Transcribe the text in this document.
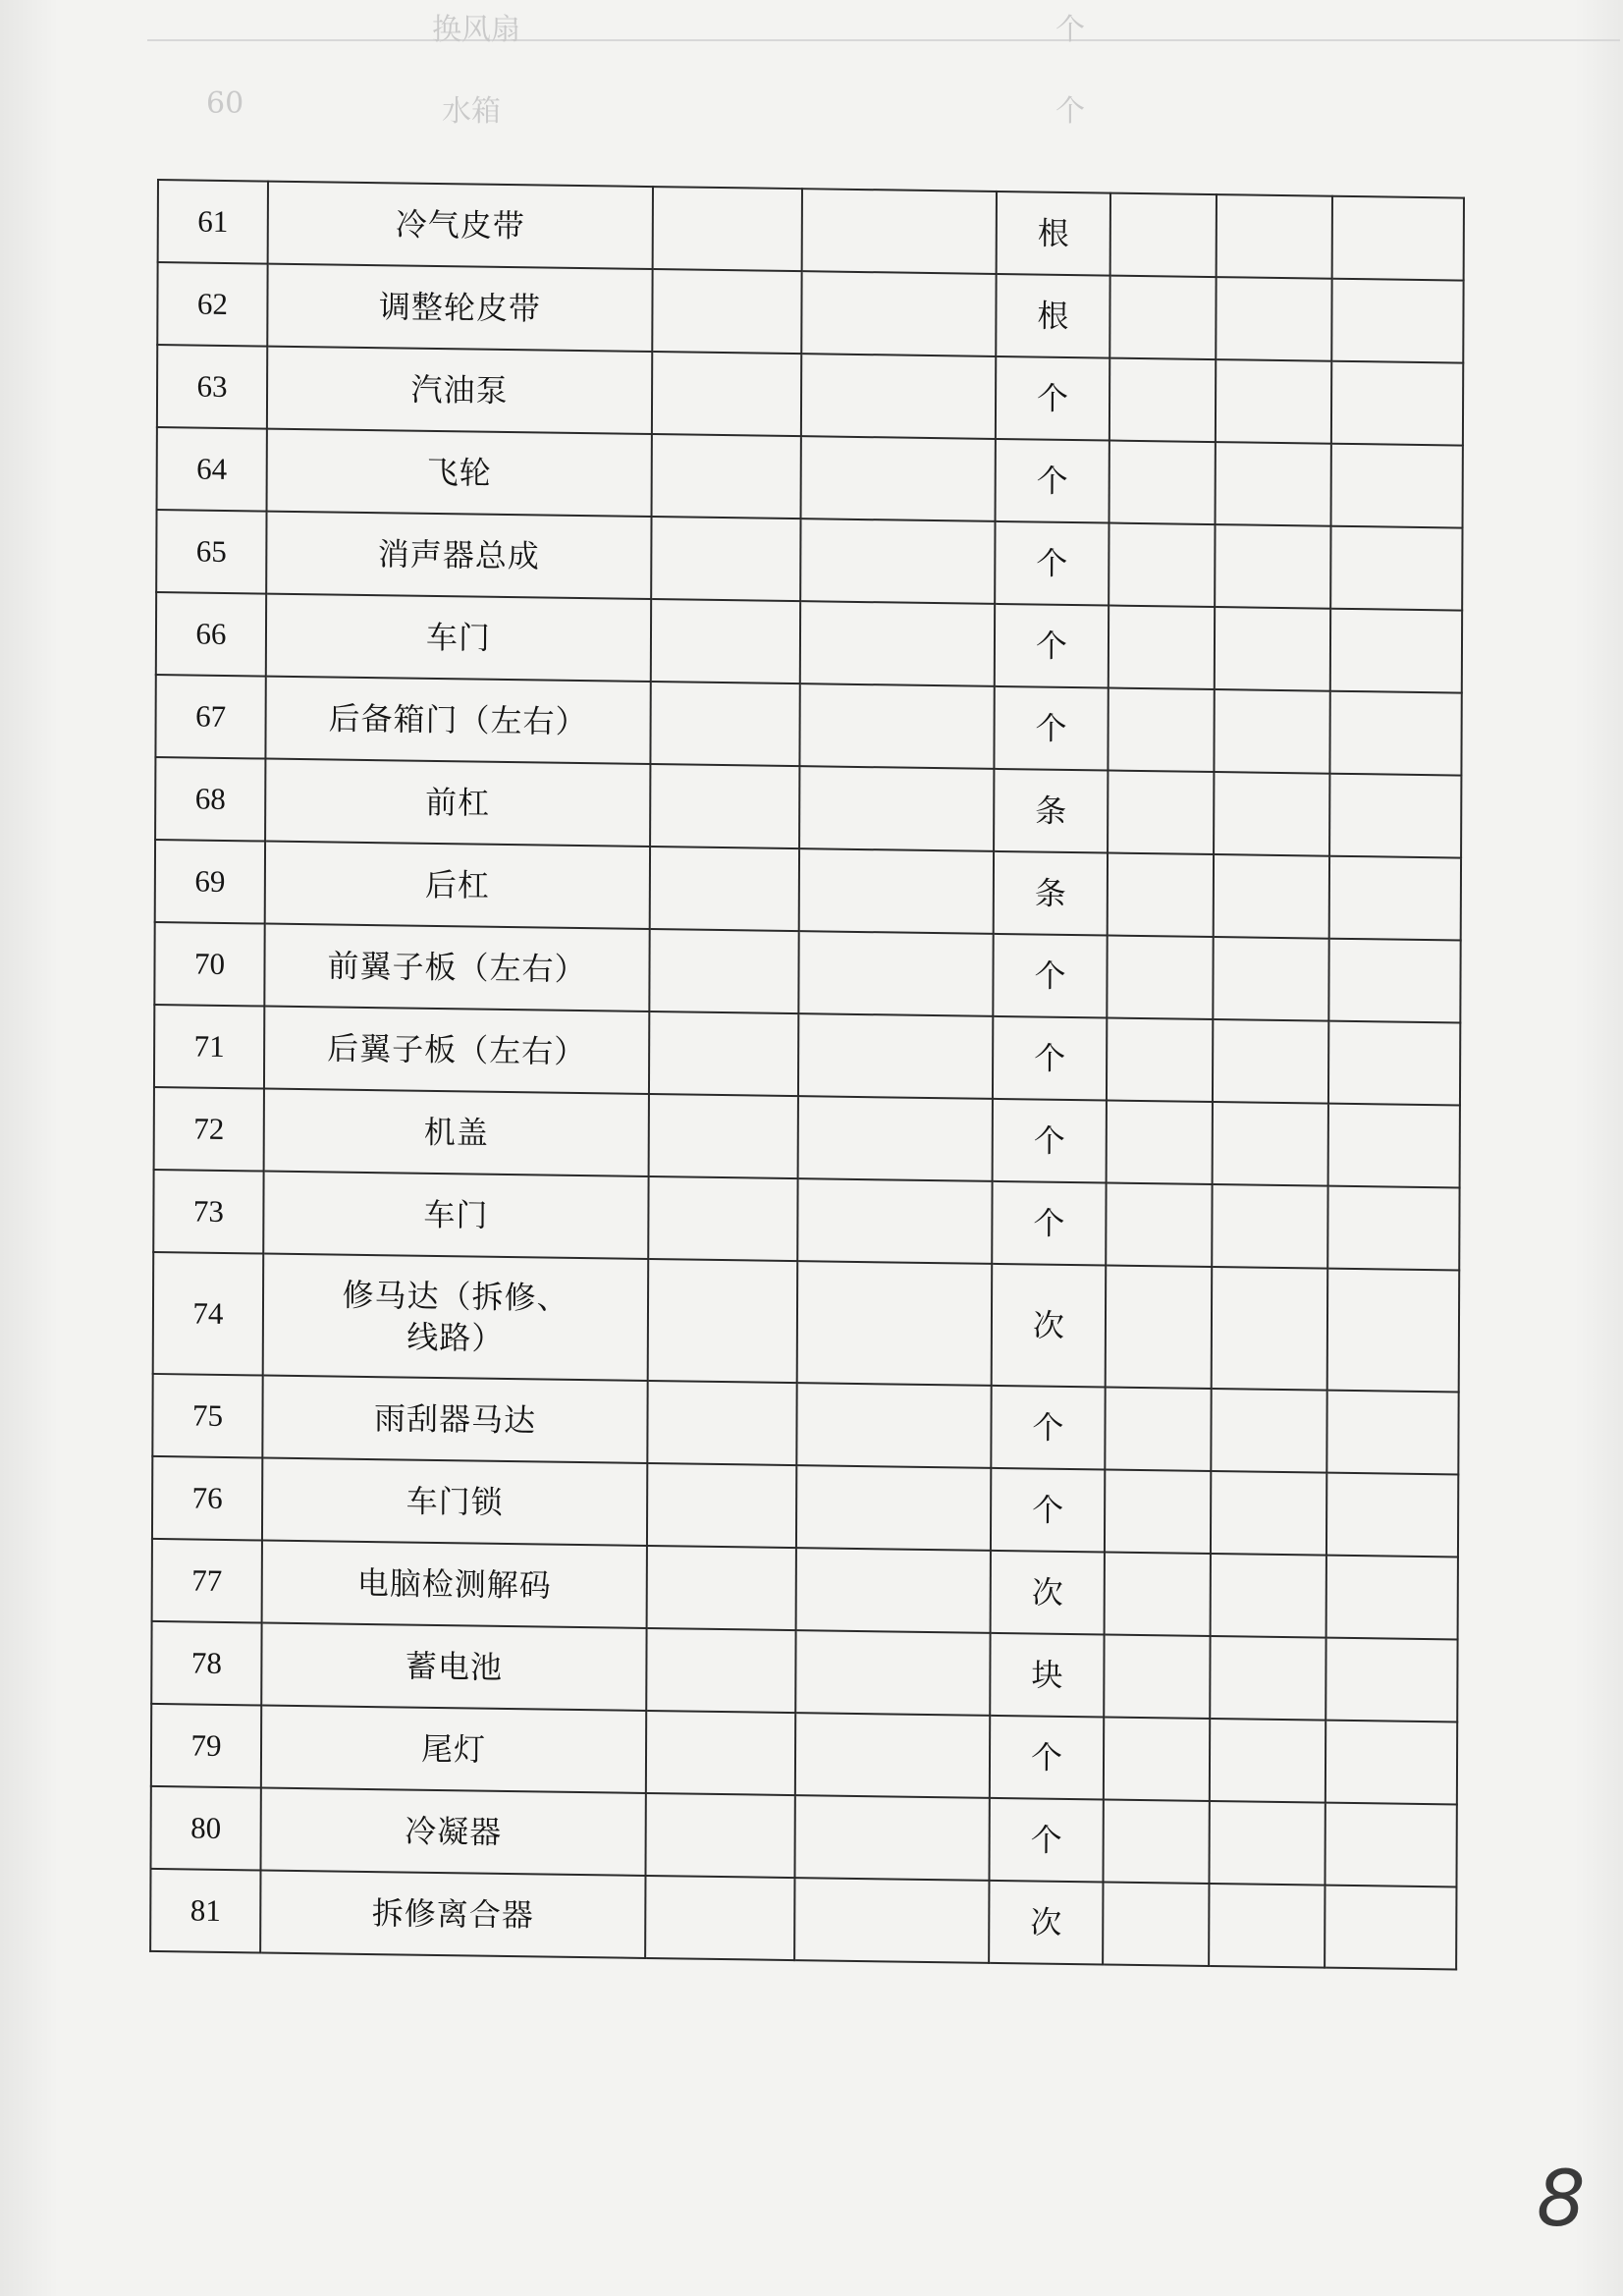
换风扇	个
60	水箱	个
61	冷气皮带			根			
62	调整轮皮带			根			
63	汽油泵			个			
64	飞轮			个			
65	消声器总成			个			
66	车门			个			
67	后备箱门（左右）			个			
68	前杠			条			
69	后杠			条			
70	前翼子板（左右）			个			
71	后翼子板（左右）			个			
72	机盖			个			
73	车门			个			
74	修马达（拆修、
线路）			次			
75	雨刮器马达			个			
76	车门锁			个			
77	电脑检测解码			次			
78	蓄电池			块			
79	尾灯			个			
80	冷凝器			个			
81	拆修离合器			次			
8
